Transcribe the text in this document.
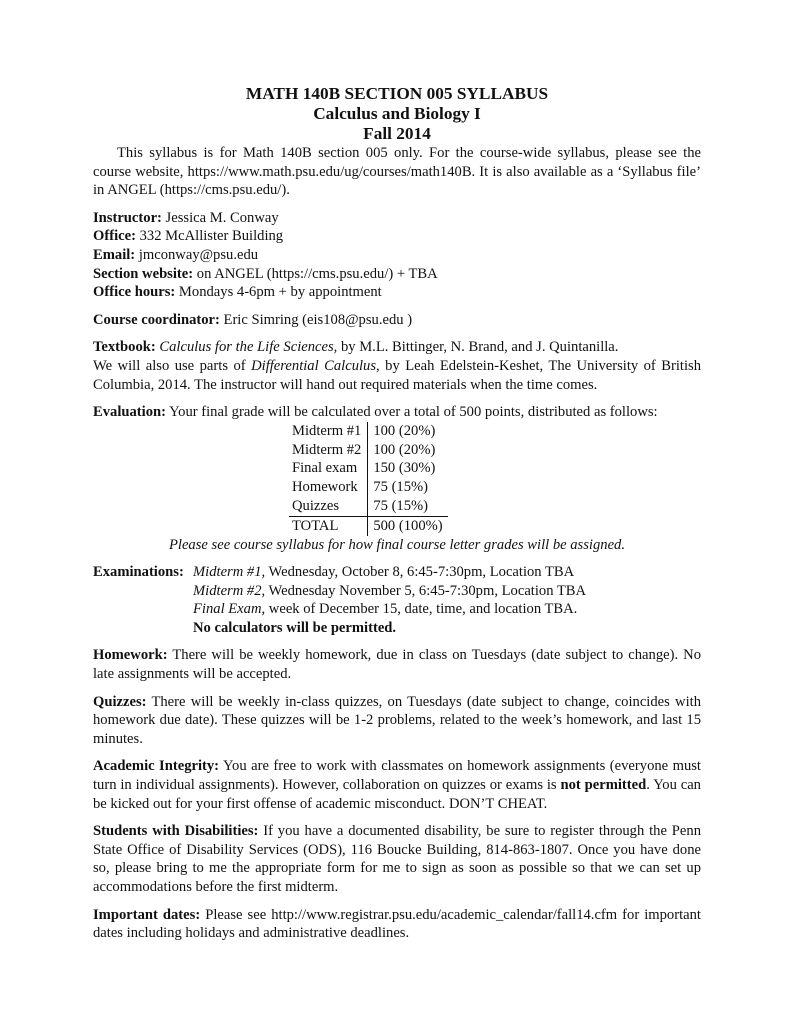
MATH 140B SECTION 005 SYLLABUS

Calculus and Biology I

Fall 2014

This syllabus is for Math 140B section 005 only. For the course-wide syllabus, please see the course website, https://www.math.psu.edu/ug/courses/math140B. It is also available as a ‘Syllabus file’ in ANGEL (https://cms.psu.edu/).

Instructor: Jessica M. Conway
Office: 332 McAllister Building
Email: jmconway@psu.edu
Section website: on ANGEL (https://cms.psu.edu/) + TBA
Office hours: Mondays 4-6pm + by appointment

Course coordinator: Eric Simring (eis108@psu.edu )

Textbook: Calculus for the Life Sciences, by M.L. Bittinger, N. Brand, and J. Quintanilla.

We will also use parts of Differential Calculus, by Leah Edelstein-Keshet, The University of British Columbia, 2014. The instructor will hand out required materials when the time comes.

Evaluation: Your final grade will be calculated over a total of 500 points, distributed as follows:
Midterm #1	100 (20%)
Midterm #2	100 (20%)
Final exam	150 (30%)
Homework	75 (15%)
Quizzes	75 (15%)
TOTAL	500 (100%)

Please see course syllabus for how final course letter grades will be assigned.

Examinations: Midterm #1, Wednesday, October 8, 6:45-7:30pm, Location TBA
Midterm #2, Wednesday November 5, 6:45-7:30pm, Location TBA
Final Exam, week of December 15, date, time, and location TBA.
No calculators will be permitted.

Homework: There will be weekly homework, due in class on Tuesdays (date subject to change). No late assignments will be accepted.

Quizzes: There will be weekly in-class quizzes, on Tuesdays (date subject to change, coincides with homework due date). These quizzes will be 1-2 problems, related to the week’s homework, and last 15 minutes.

Academic Integrity: You are free to work with classmates on homework assignments (everyone must turn in individual assignments). However, collaboration on quizzes or exams is not permitted. You can be kicked out for your first offense of academic misconduct. DON’T CHEAT.

Students with Disabilities: If you have a documented disability, be sure to register through the Penn State Office of Disability Services (ODS), 116 Boucke Building, 814-863-1807. Once you have done so, please bring to me the appropriate form for me to sign as soon as possible so that we can set up accommodations before the first midterm.

Important dates: Please see http://www.registrar.psu.edu/academic_calendar/fall14.cfm for important dates including holidays and administrative deadlines.
